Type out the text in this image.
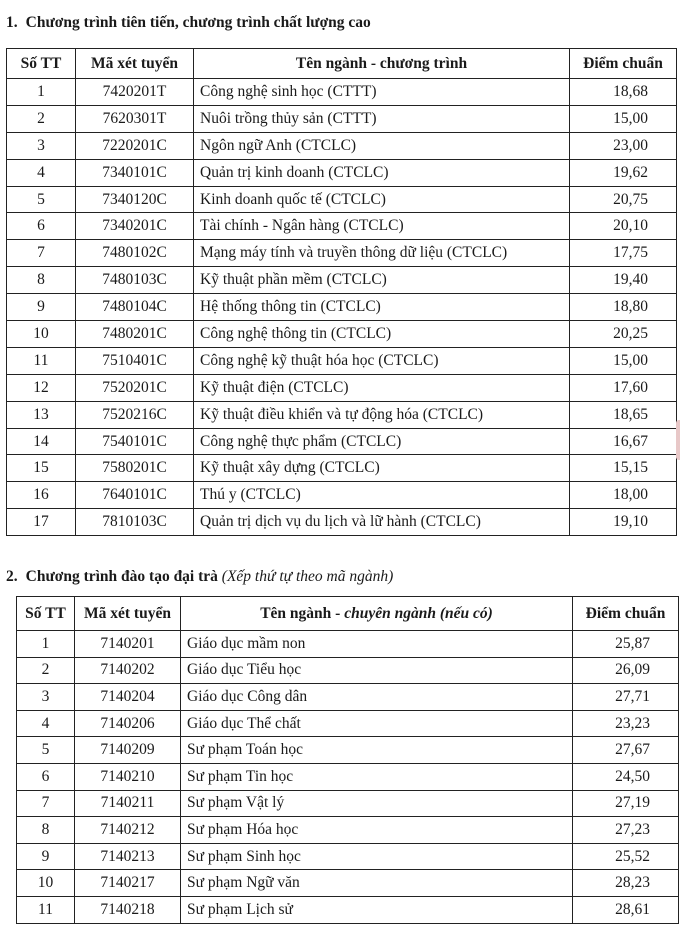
1. Chương trình tiên tiến, chương trình chất lượng cao
Số TT	Mã xét tuyển	Tên ngành - chương trình	Điểm chuẩn
1	7420201T	Công nghệ sinh học (CTTT)	18,68
2	7620301T	Nuôi trồng thủy sản (CTTT)	15,00
3	7220201C	Ngôn ngữ Anh (CTCLC)	23,00
4	7340101C	Quản trị kinh doanh (CTCLC)	19,62
5	7340120C	Kinh doanh quốc tế (CTCLC)	20,75
6	7340201C	Tài chính - Ngân hàng (CTCLC)	20,10
7	7480102C	Mạng máy tính và truyền thông dữ liệu (CTCLC)	17,75
8	7480103C	Kỹ thuật phần mềm (CTCLC)	19,40
9	7480104C	Hệ thống thông tin (CTCLC)	18,80
10	7480201C	Công nghệ thông tin (CTCLC)	20,25
11	7510401C	Công nghệ kỹ thuật hóa học (CTCLC)	15,00
12	7520201C	Kỹ thuật điện (CTCLC)	17,60
13	7520216C	Kỹ thuật điều khiển và tự động hóa (CTCLC)	18,65
14	7540101C	Công nghệ thực phẩm (CTCLC)	16,67
15	7580201C	Kỹ thuật xây dựng (CTCLC)	15,15
16	7640101C	Thú y (CTCLC)	18,00
17	7810103C	Quản trị dịch vụ du lịch và lữ hành (CTCLC)	19,10
2. Chương trình đào tạo đại trà (Xếp thứ tự theo mã ngành)
Số TT	Mã xét tuyển	Tên ngành - chuyên ngành (nếu có)	Điểm chuẩn
1	7140201	Giáo dục mầm non	25,87
2	7140202	Giáo dục Tiểu học	26,09
3	7140204	Giáo dục Công dân	27,71
4	7140206	Giáo dục Thể chất	23,23
5	7140209	Sư phạm Toán học	27,67
6	7140210	Sư phạm Tin học	24,50
7	7140211	Sư phạm Vật lý	27,19
8	7140212	Sư phạm Hóa học	27,23
9	7140213	Sư phạm Sinh học	25,52
10	7140217	Sư phạm Ngữ văn	28,23
11	7140218	Sư phạm Lịch sử	28,61
